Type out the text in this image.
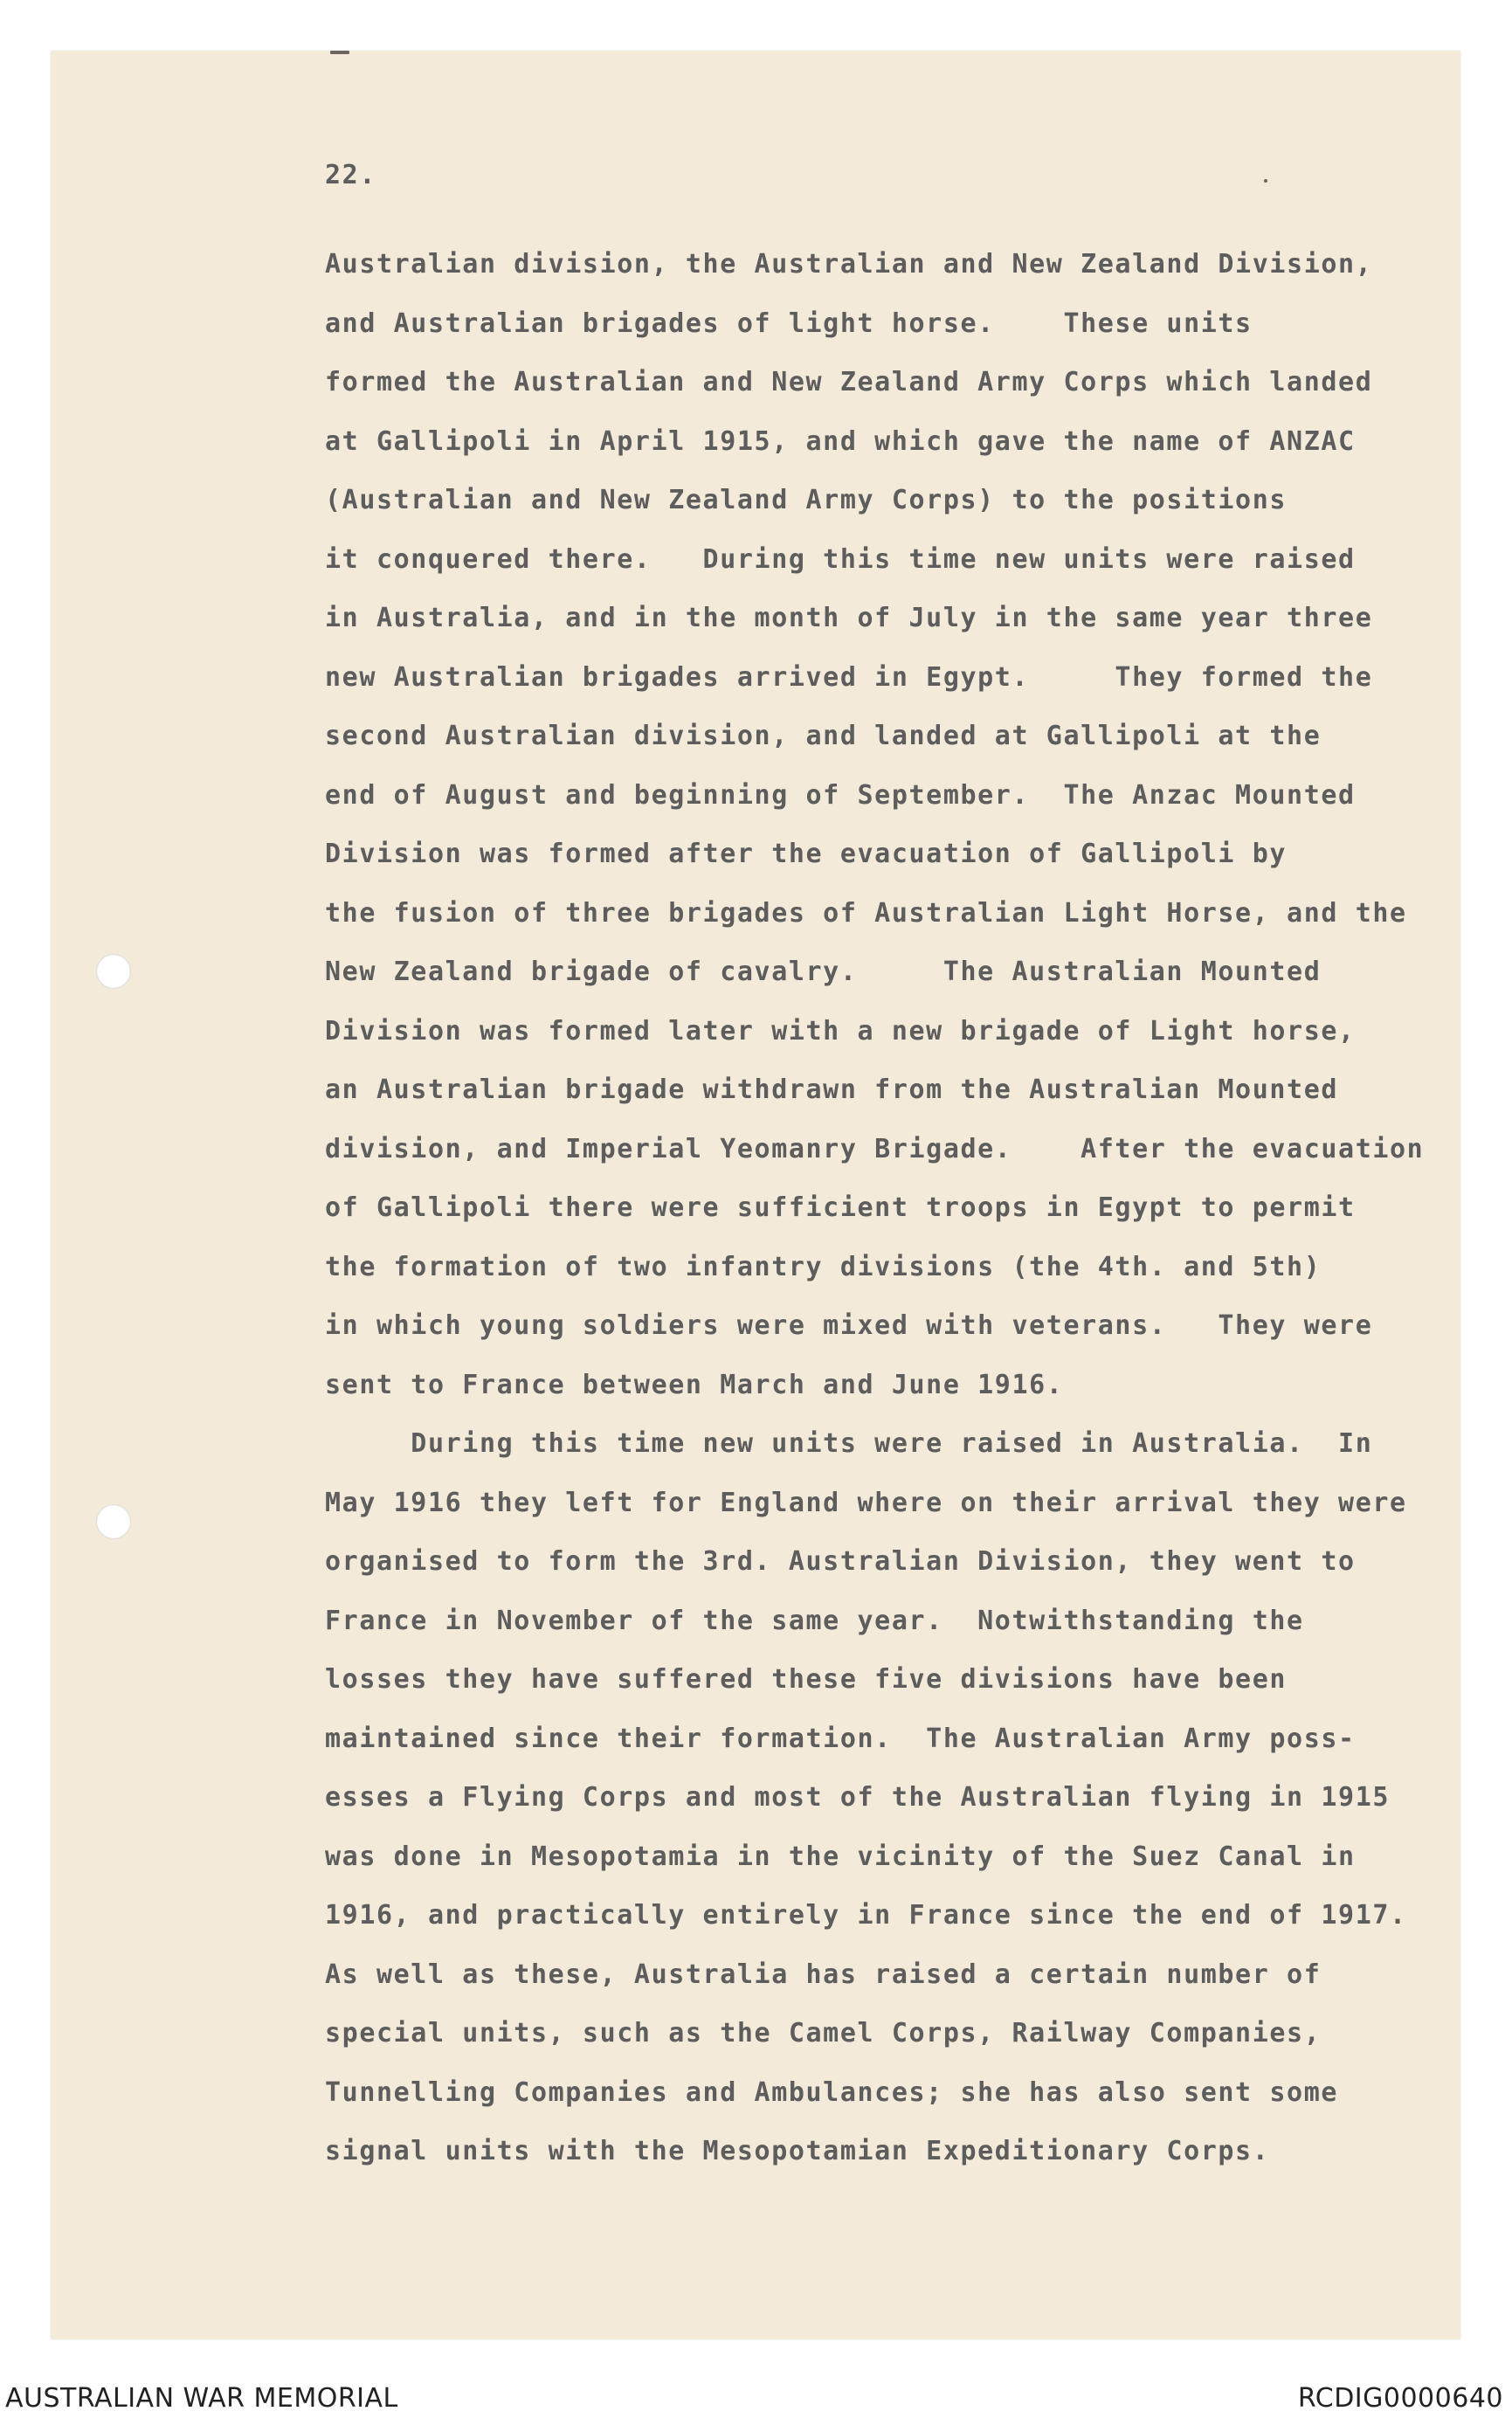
22.
Australian division, the Australian and New Zealand Division,
and Australian brigades of light horse.    These units
formed the Australian and New Zealand Army Corps which landed
at Gallipoli in April 1915, and which gave the name of ANZAC
(Australian and New Zealand Army Corps) to the positions
it conquered there.   During this time new units were raised
in Australia, and in the month of July in the same year three
new Australian brigades arrived in Egypt.     They formed the
second Australian division, and landed at Gallipoli at the
end of August and beginning of September.  The Anzac Mounted
Division was formed after the evacuation of Gallipoli by
the fusion of three brigades of Australian Light Horse, and the
New Zealand brigade of cavalry.     The Australian Mounted
Division was formed later with a new brigade of Light horse,
an Australian brigade withdrawn from the Australian Mounted
division, and Imperial Yeomanry Brigade.    After the evacuation
of Gallipoli there were sufficient troops in Egypt to permit
the formation of two infantry divisions (the 4th. and 5th)
in which young soldiers were mixed with veterans.   They were
sent to France between March and June 1916.
During this time new units were raised in Australia.  In
May 1916 they left for England where on their arrival they were
organised to form the 3rd. Australian Division, they went to
France in November of the same year.  Notwithstanding the
losses they have suffered these five divisions have been
maintained since their formation.  The Australian Army poss-
esses a Flying Corps and most of the Australian flying in 1915
was done in Mesopotamia in the vicinity of the Suez Canal in
1916, and practically entirely in France since the end of 1917.
As well as these, Australia has raised a certain number of
special units, such as the Camel Corps, Railway Companies,
Tunnelling Companies and Ambulances; she has also sent some
signal units with the Mesopotamian Expeditionary Corps.
AUSTRALIAN WAR MEMORIAL	RCDIG0000640
